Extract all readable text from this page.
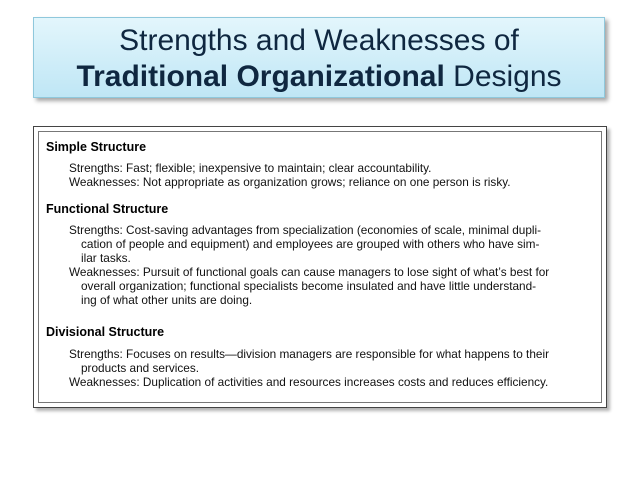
Strengths and Weaknesses of
Traditional Organizational Designs
Simple Structure
Strengths: Fast; flexible; inexpensive to maintain; clear accountability.
Weaknesses: Not appropriate as organization grows; reliance on one person is risky.
Functional Structure
Strengths: Cost-saving advantages from specialization (economies of scale, minimal dupli-
cation of people and equipment) and employees are grouped with others who have sim-
ilar tasks.
Weaknesses: Pursuit of functional goals can cause managers to lose sight of what’s best for
overall organization; functional specialists become insulated and have little understand-
ing of what other units are doing.
Divisional Structure
Strengths: Focuses on results—division managers are responsible for what happens to their
products and services.
Weaknesses: Duplication of activities and resources increases costs and reduces efficiency.
